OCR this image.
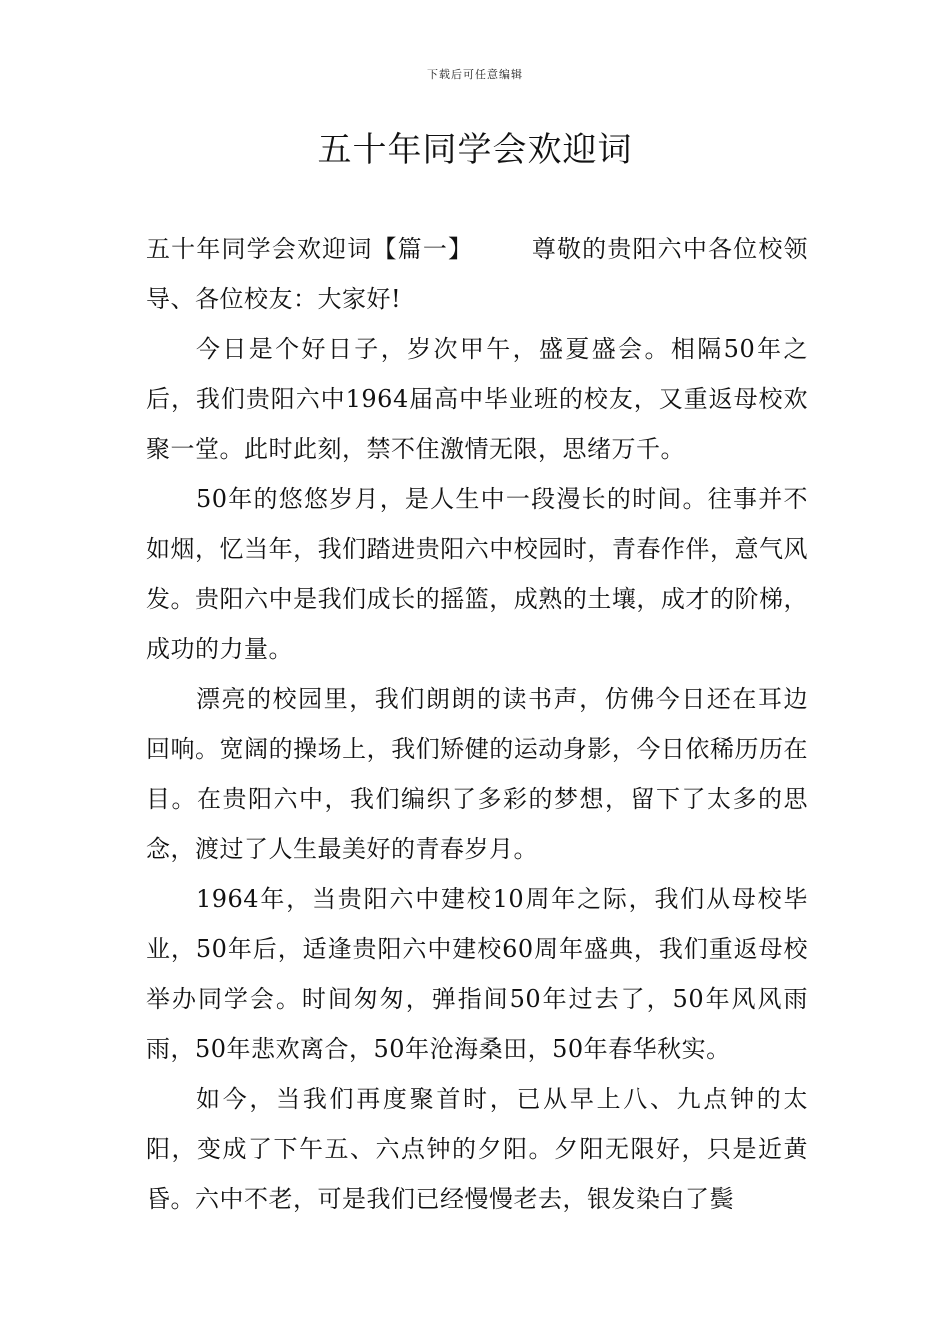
下载后可任意编辑
五十年同学会欢迎词

五十年同学会欢迎词【篇一】 尊敬的贵阳六中各位校领导、各位校友：大家好!

今日是个好日子，岁次甲午，盛夏盛会。相隔50年之后，我们贵阳六中1964届高中毕业班的校友，又重返母校欢聚一堂。此时此刻，禁不住激情无限，思绪万千。

50年的悠悠岁月，是人生中一段漫长的时间。往事并不如烟，忆当年，我们踏进贵阳六中校园时，青春作伴，意气风发。贵阳六中是我们成长的摇篮，成熟的土壤，成才的阶梯，成功的力量。

漂亮的校园里，我们朗朗的读书声，仿佛今日还在耳边回响。宽阔的操场上，我们矫健的运动身影，今日依稀历历在目。在贵阳六中，我们编织了多彩的梦想，留下了太多的思念，渡过了人生最美好的青春岁月。

1964年，当贵阳六中建校10周年之际，我们从母校毕业，50年后，适逢贵阳六中建校60周年盛典，我们重返母校举办同学会。时间匆匆，弹指间50年过去了，50年风风雨雨，50年悲欢离合，50年沧海桑田，50年春华秋实。

如今，当我们再度聚首时，已从早上八、九点钟的太阳，变成了下午五、六点钟的夕阳。夕阳无限好，只是近黄昏。六中不老，可是我们已经慢慢老去，银发染白了鬓
